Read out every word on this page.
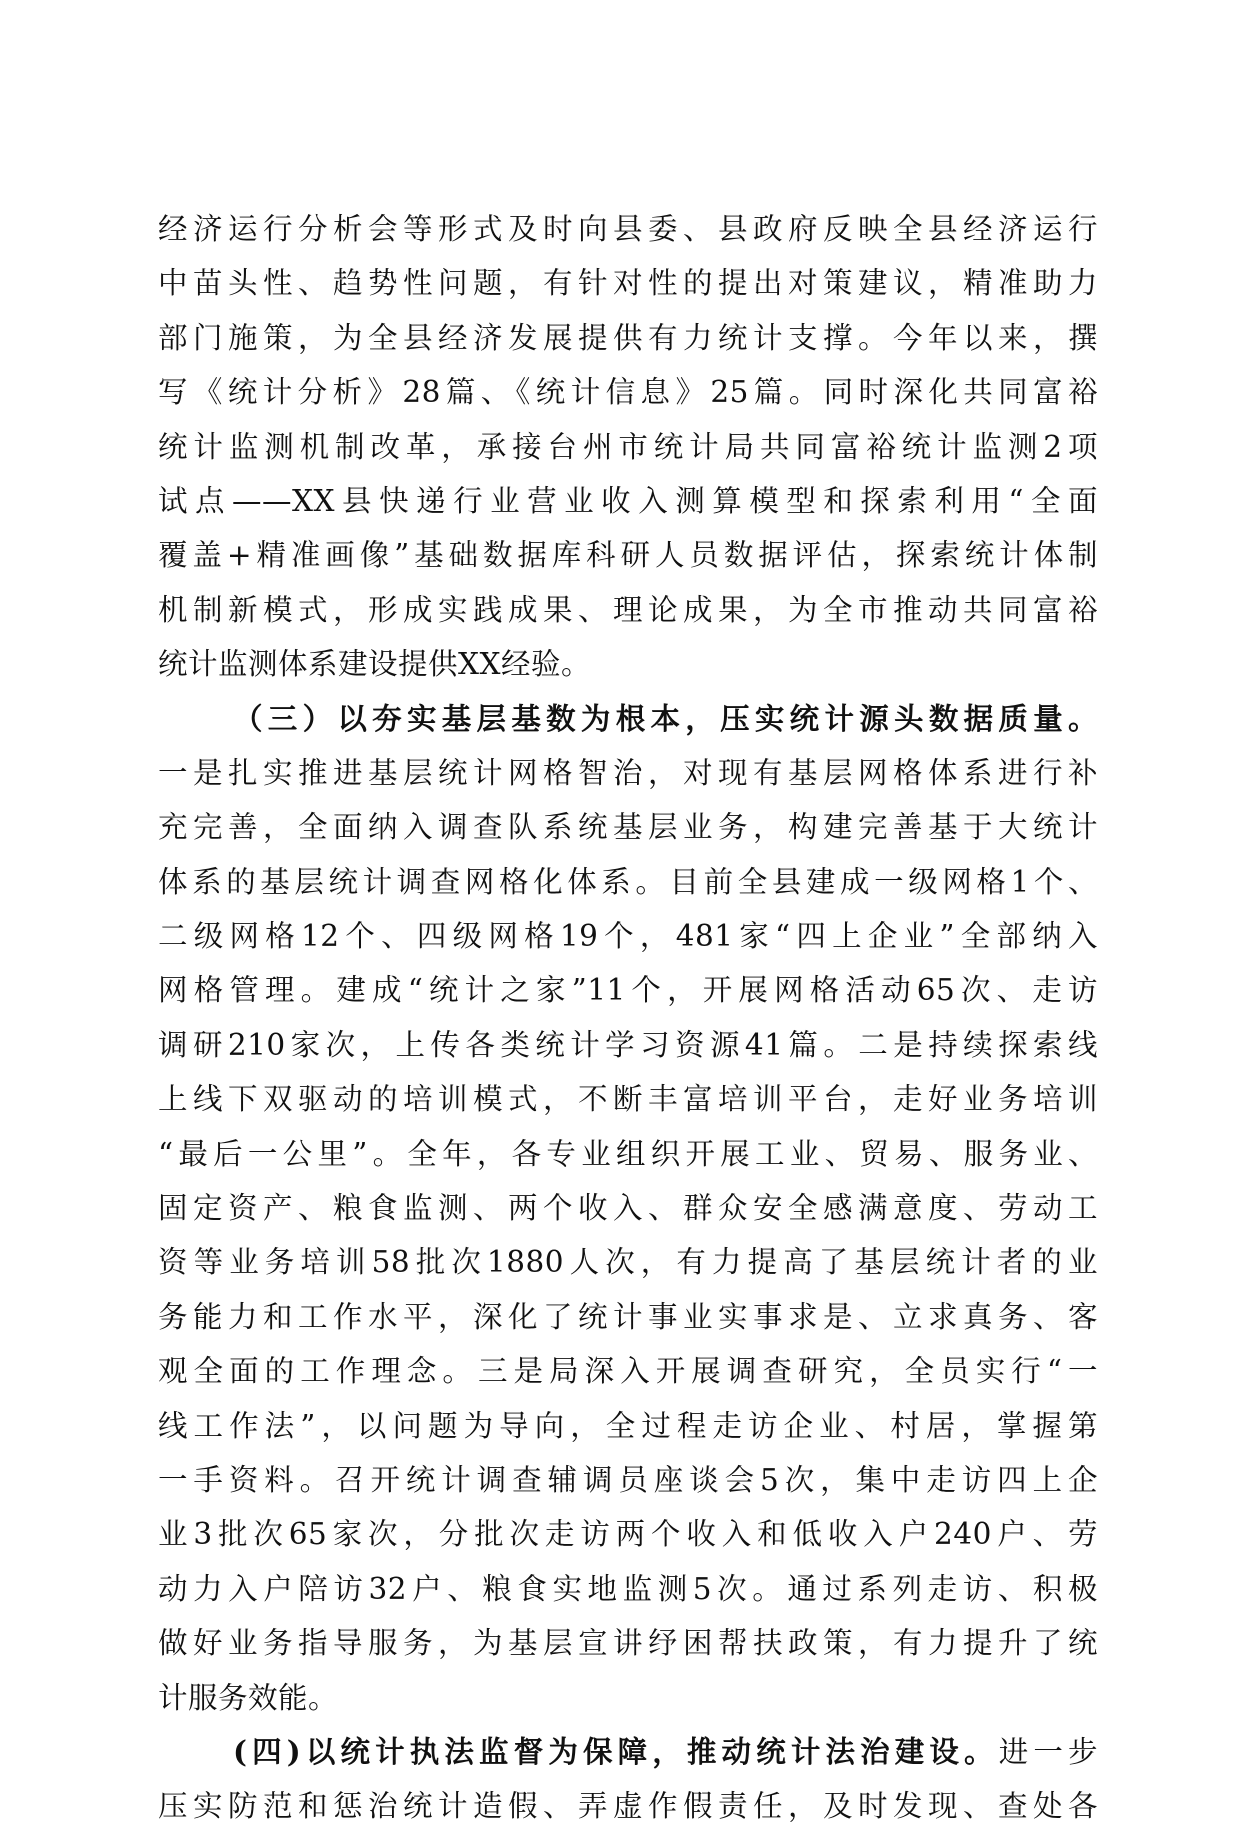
经济运行分析会等形式及时向县委、县政府反映全县经济运行
中苗头性、趋势性问题，有针对性的提出对策建议，精准助力
部门施策，为全县经济发展提供有力统计支撑。今年以来，撰
写《统计分析》28篇、《统计信息》25篇。同时深化共同富裕
统计监测机制改革，承接台州市统计局共同富裕统计监测2项
试点——XX县快递行业营业收入测算模型和探索利用“全面
覆盖+精准画像”基础数据库科研人员数据评估，探索统计体制
机制新模式，形成实践成果、理论成果，为全市推动共同富裕
统计监测体系建设提供XX经验。
（三）以夯实基层基数为根本，压实统计源头数据质量。
一是扎实推进基层统计网格智治，对现有基层网格体系进行补
充完善，全面纳入调查队系统基层业务，构建完善基于大统计
体系的基层统计调查网格化体系。目前全县建成一级网格1个、
二级网格12个、四级网格19个，481家“四上企业”全部纳入
网格管理。建成“统计之家”11个，开展网格活动65次、走访
调研210家次，上传各类统计学习资源41篇。二是持续探索线
上线下双驱动的培训模式，不断丰富培训平台，走好业务培训
“最后一公里”。全年，各专业组织开展工业、贸易、服务业、
固定资产、粮食监测、两个收入、群众安全感满意度、劳动工
资等业务培训58批次1880人次，有力提高了基层统计者的业
务能力和工作水平，深化了统计事业实事求是、立求真务、客
观全面的工作理念。三是局深入开展调查研究，全员实行“一
线工作法”，以问题为导向，全过程走访企业、村居，掌握第
一手资料。召开统计调查辅调员座谈会5次，集中走访四上企
业3批次65家次，分批次走访两个收入和低收入户240户、劳
动力入户陪访32户、粮食实地监测5次。通过系列走访、积极
做好业务指导服务，为基层宣讲纾困帮扶政策，有力提升了统
计服务效能。
(四)以统计执法监督为保障，推动统计法治建设。进一步
压实防范和惩治统计造假、弄虚作假责任，及时发现、查处各
